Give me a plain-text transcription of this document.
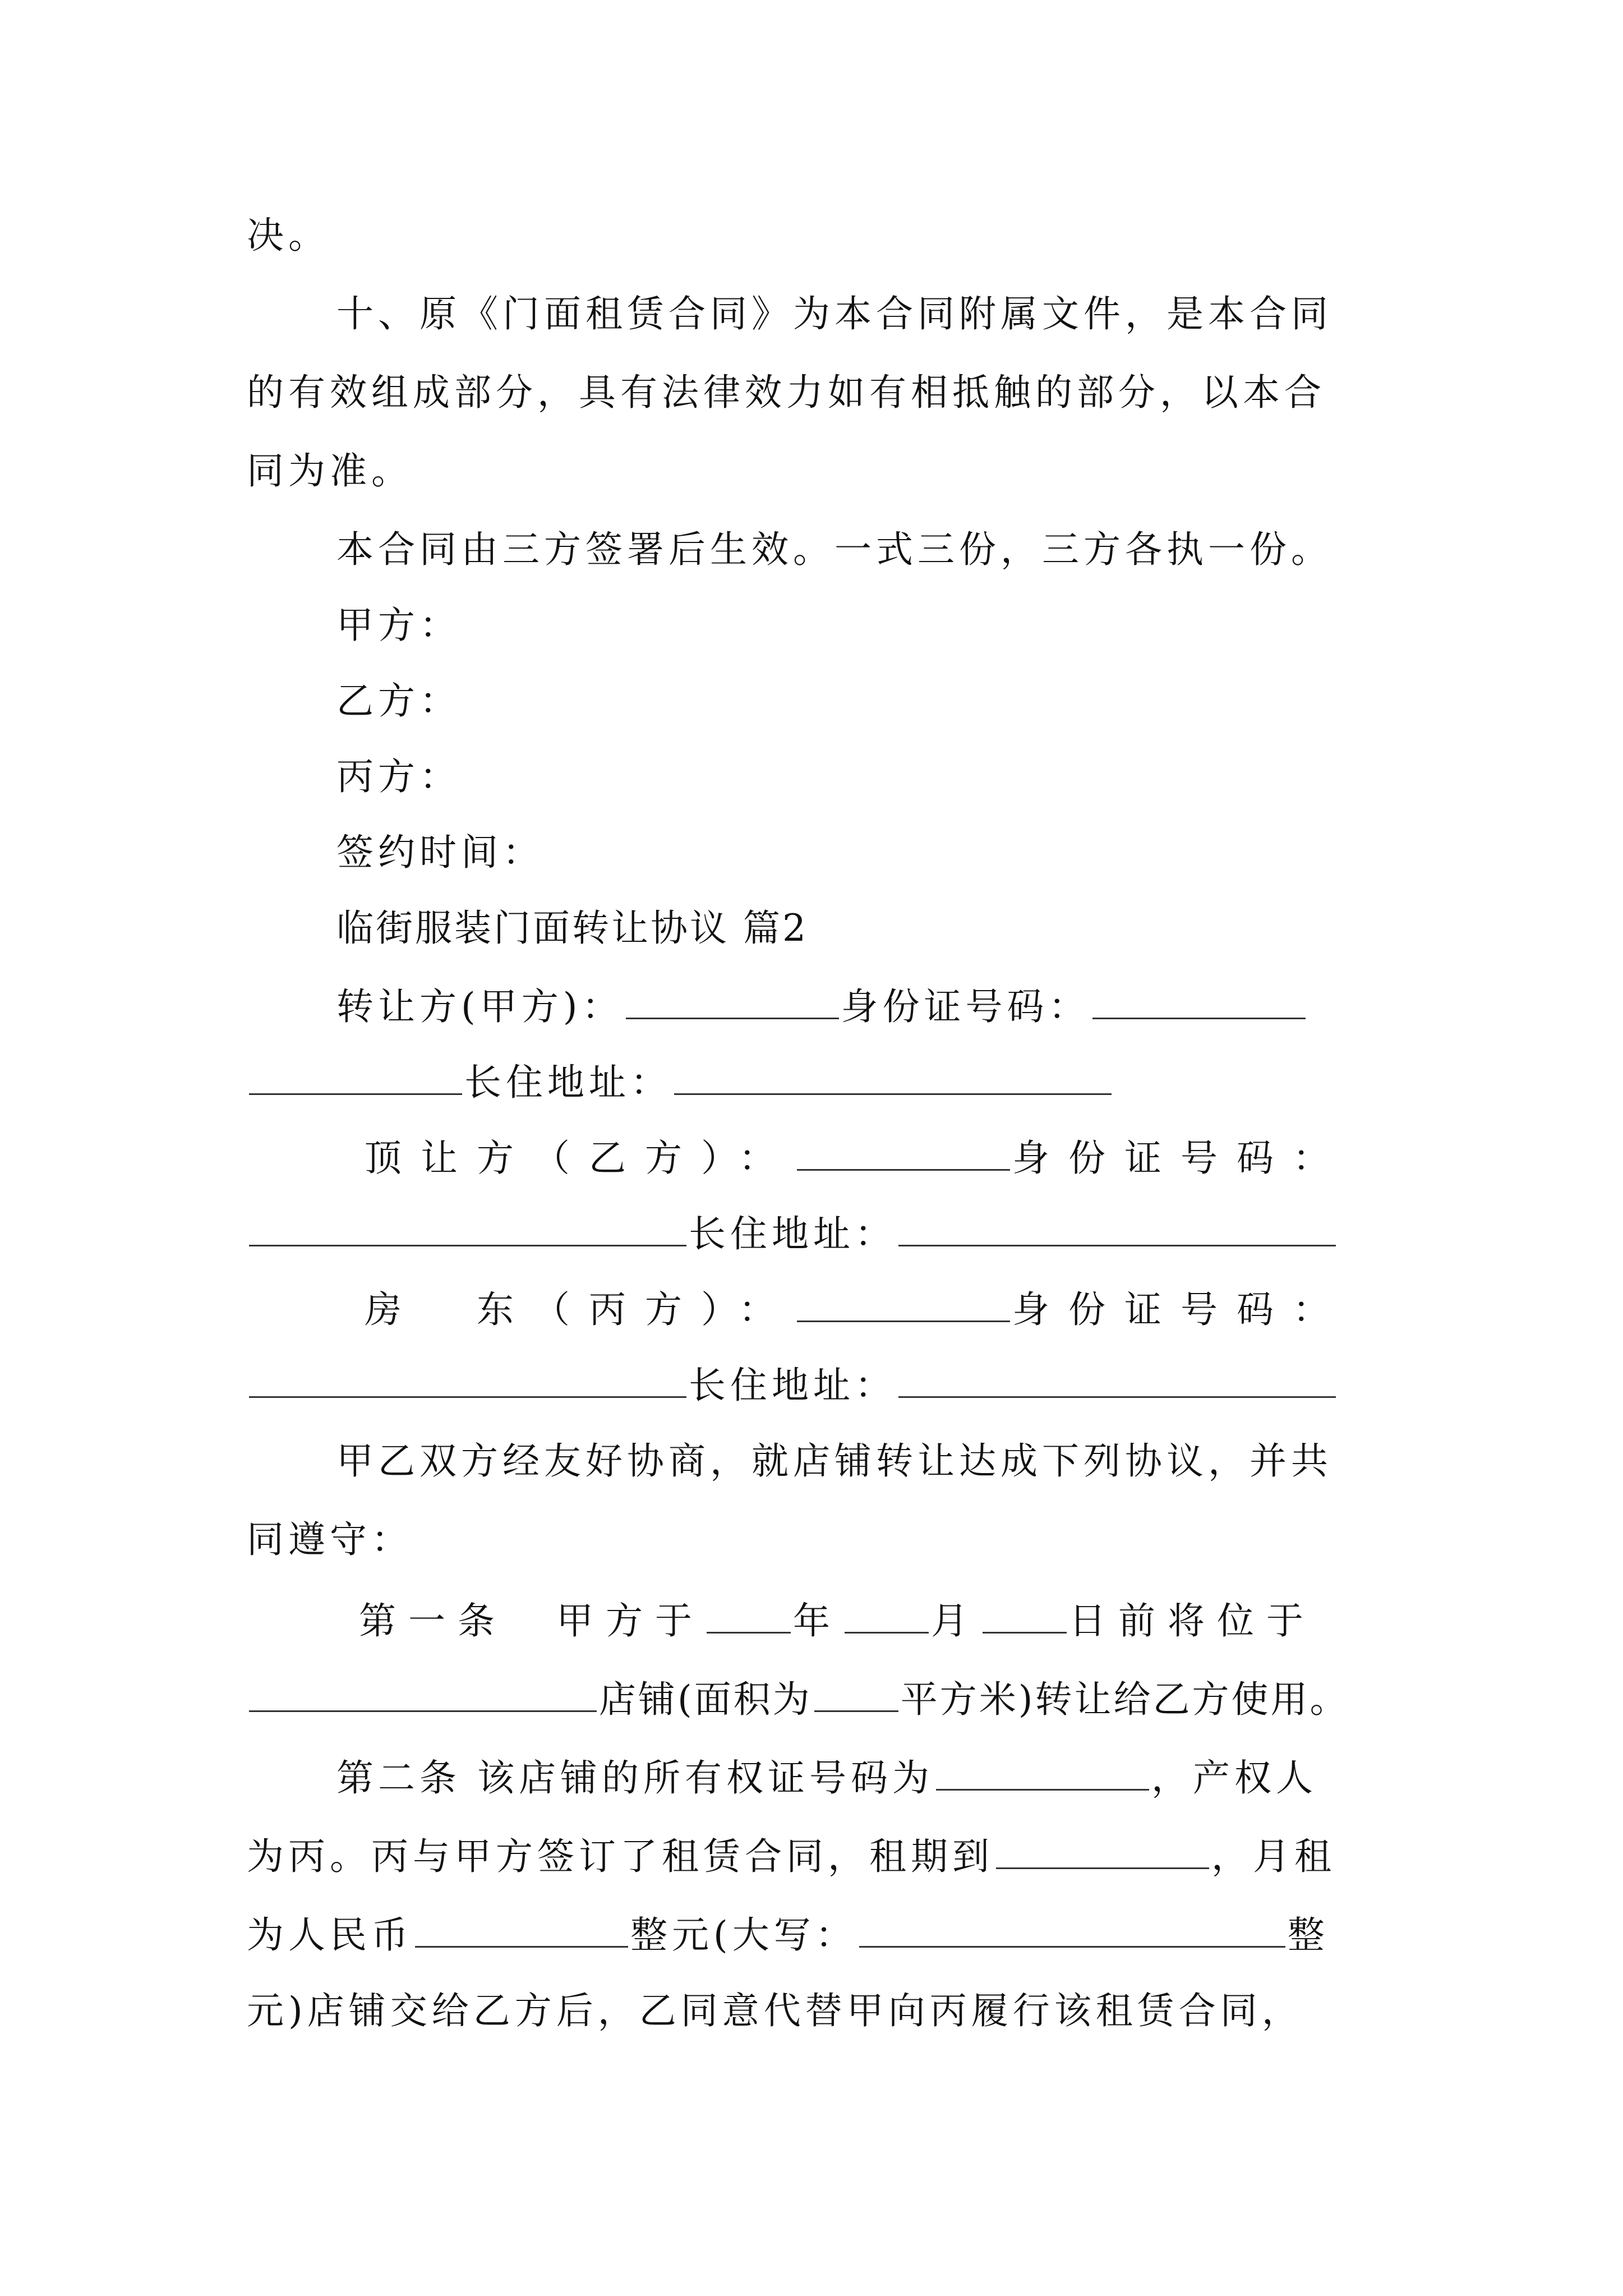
决。
十、原《门面租赁合同》为本合同附属文件，是本合同
的有效组成部分，具有法律效力如有相抵触的部分，以本合
同为准。
本合同由三方签署后生效。一式三份，三方各执一份。
甲方：
乙方：
丙方：
签约时间：
临街服装门面转让协议 篇2
转让方(甲方)：	身份证号码：
长住地址：
顶让方（乙方）：	身份证号码：
长住地址：
房　东（丙方）：	身份证号码：
长住地址：
甲乙双方经友好协商，就店铺转让达成下列协议，并共
同遵守：
第一条　甲方于 年 月 日前将位于
店铺(面积为 平方米)转让给乙方使用。
第二条 该店铺的所有权证号码为	，产权人
为丙。丙与甲方签订了租赁合同，租期到	，月租
为人民币	整元(大写：	整
元)店铺交给乙方后，乙同意代替甲向丙履行该租赁合同，
